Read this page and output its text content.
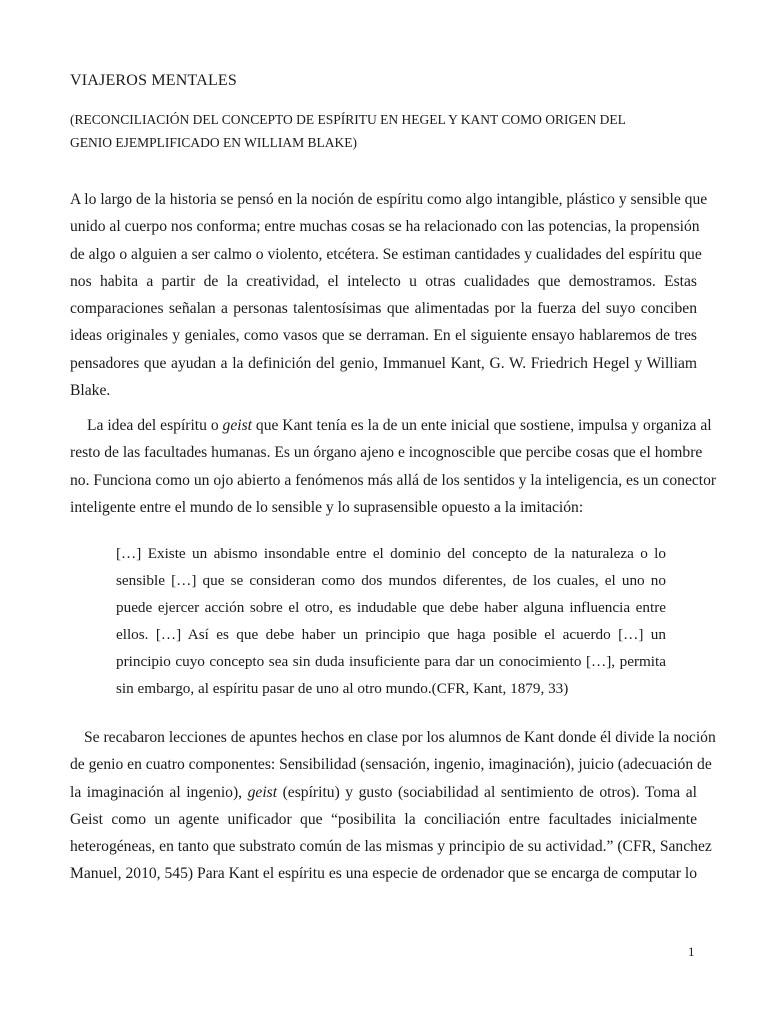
VIAJEROS MENTALES
(RECONCILIACIÓN DEL CONCEPTO DE ESPÍRITU EN HEGEL Y KANT COMO ORIGEN DEL GENIO EJEMPLIFICADO EN WILLIAM BLAKE)
A lo largo de la historia se pensó en la noción de espíritu como algo intangible, plástico y sensible que
unido al cuerpo nos conforma; entre muchas cosas se ha relacionado con las potencias, la propensión
de algo o alguien a ser calmo o violento, etcétera. Se estiman cantidades y cualidades del espíritu que
nos habita a partir de la creatividad, el intelecto u otras cualidades que demostramos. Estas
comparaciones señalan a personas talentosísimas que alimentadas por la fuerza del suyo conciben
ideas originales y geniales, como vasos que se derraman. En el siguiente ensayo hablaremos de tres
pensadores que ayudan a la definición del genio, Immanuel Kant, G. W. Friedrich Hegel y William
Blake.
La idea del espíritu o geist que Kant tenía es la de un ente inicial que sostiene, impulsa y organiza al
resto de las facultades humanas. Es un órgano ajeno e incognoscible que percibe cosas que el hombre
no. Funciona como un ojo abierto a fenómenos más allá de los sentidos y la inteligencia, es un conector
inteligente entre el mundo de lo sensible y lo suprasensible opuesto a la imitación:
[…] Existe un abismo insondable entre el dominio del concepto de la naturaleza o lo
sensible […] que se consideran como dos mundos diferentes, de los cuales, el uno no
puede ejercer acción sobre el otro, es indudable que debe haber alguna influencia entre
ellos. […] Así es que debe haber un principio que haga posible el acuerdo […] un
principio cuyo concepto sea sin duda insuficiente para dar un conocimiento […], permita
sin embargo, al espíritu pasar de uno al otro mundo.(CFR, Kant, 1879, 33)
Se recabaron lecciones de apuntes hechos en clase por los alumnos de Kant donde él divide la noción
de genio en cuatro componentes: Sensibilidad (sensación, ingenio, imaginación), juicio (adecuación de
la imaginación al ingenio), geist (espíritu) y gusto (sociabilidad al sentimiento de otros). Toma al
Geist como un agente unificador que “posibilita la conciliación entre facultades inicialmente
heterogéneas, en tanto que substrato común de las mismas y principio de su actividad.” (CFR, Sanchez
Manuel, 2010, 545) Para Kant el espíritu es una especie de ordenador que se encarga de computar lo
1
